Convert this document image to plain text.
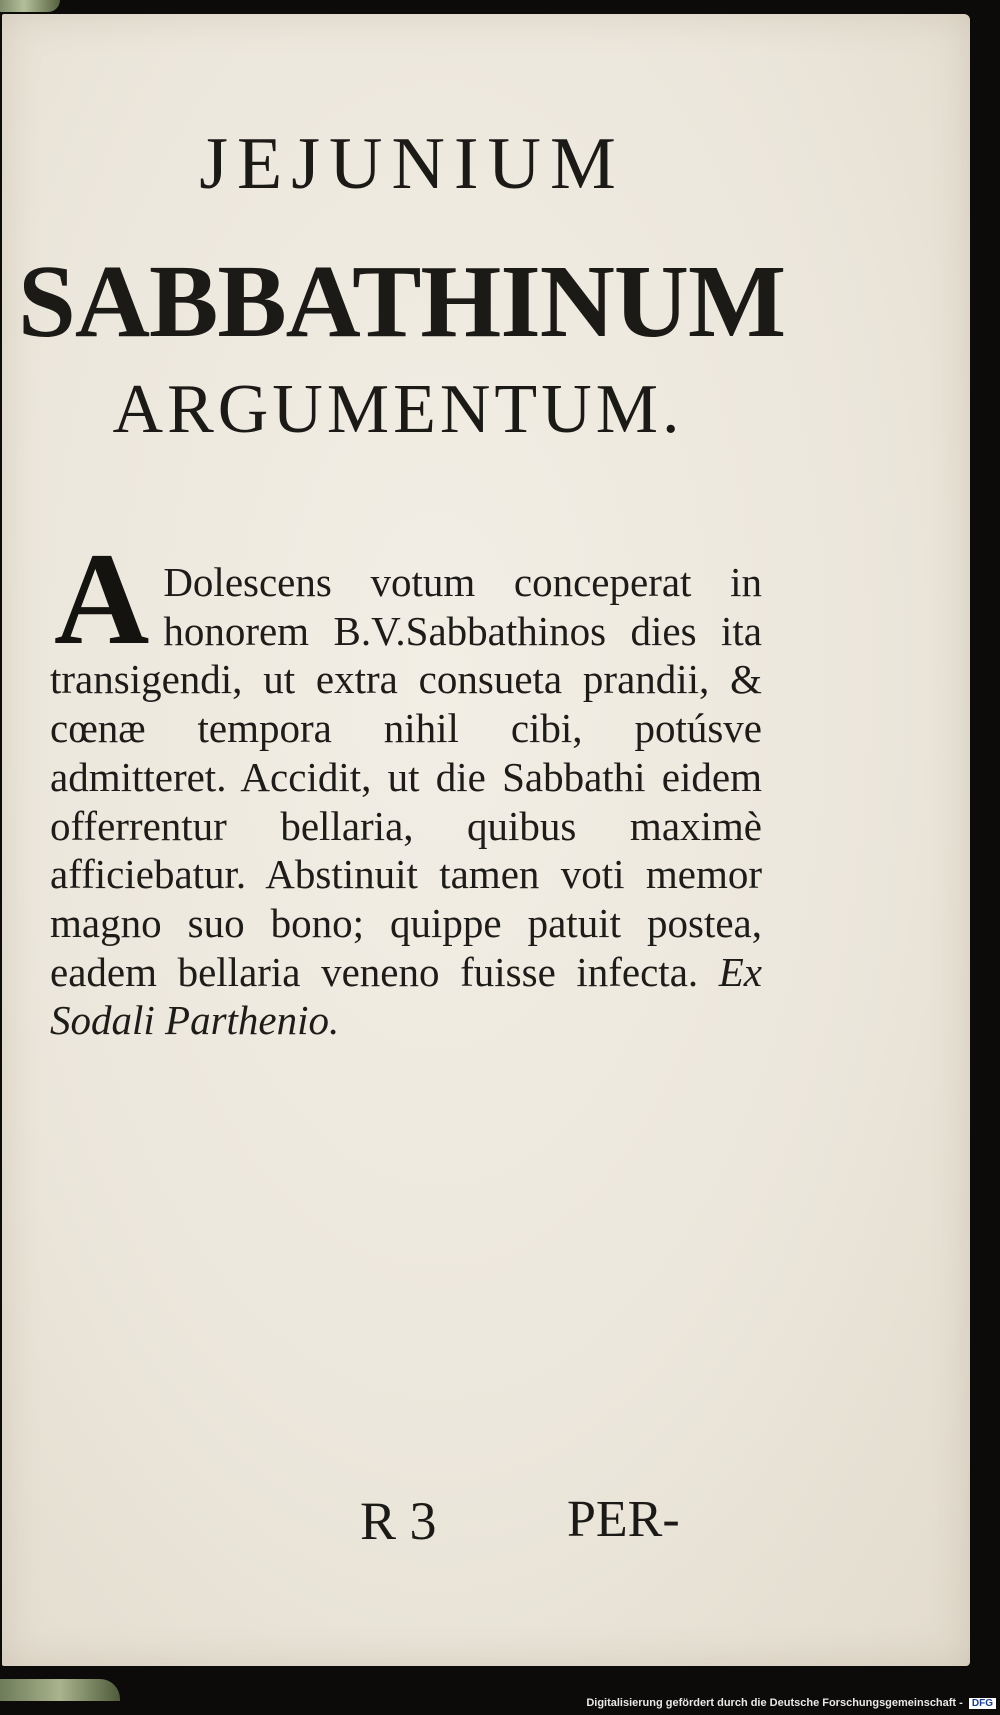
JEJUNIUM
SABBATHINUM
ARGUMENTUM.
A Dolescens votum conceperat in honorem B.V.Sabbathinos dies ita transigendi, ut extra consueta prandii, & cœnæ tempora nihil cibi, potúsve admitteret. Accidit, ut die Sabbathi eidem offerrentur bellaria, quibus maximè afficiebatur. Abstinuit tamen voti memor magno suo bono; quippe patuit postea, eadem bellaria veneno fuisse infecta. Ex Sodali Parthenio.
R 3	PER-
Digitalisierung gefördert durch die Deutsche Forschungsgemeinschaft - DFG
